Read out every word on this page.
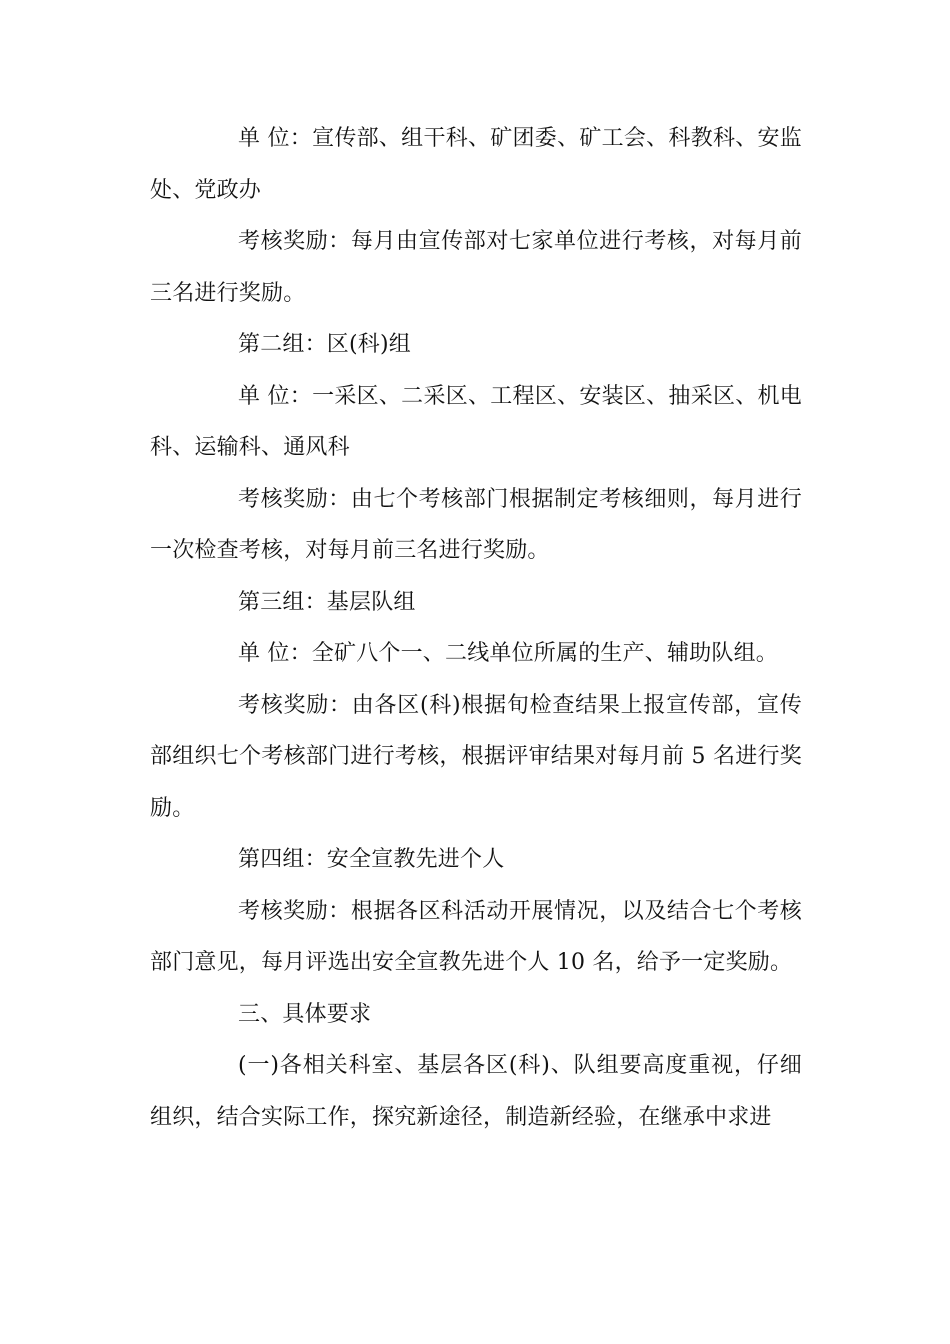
单 位：宣传部、组干科、矿团委、矿工会、科教科、安监处、党政办

考核奖励：每月由宣传部对七家单位进行考核，对每月前三名进行奖励。

第二组：区(科)组

单 位：一采区、二采区、工程区、安装区、抽采区、机电科、运输科、通风科

考核奖励：由七个考核部门根据制定考核细则，每月进行一次检查考核，对每月前三名进行奖励。

第三组：基层队组

单 位：全矿八个一、二线单位所属的生产、辅助队组。

考核奖励：由各区(科)根据旬检查结果上报宣传部，宣传部组织七个考核部门进行考核，根据评审结果对每月前 5 名进行奖励。

第四组：安全宣教先进个人

考核奖励：根据各区科活动开展情况，以及结合七个考核部门意见，每月评选出安全宣教先进个人 10 名，给予一定奖励。

三、具体要求

(一)各相关科室、基层各区(科)、队组要高度重视，仔细组织，结合实际工作，探究新途径，制造新经验，在继承中求进
